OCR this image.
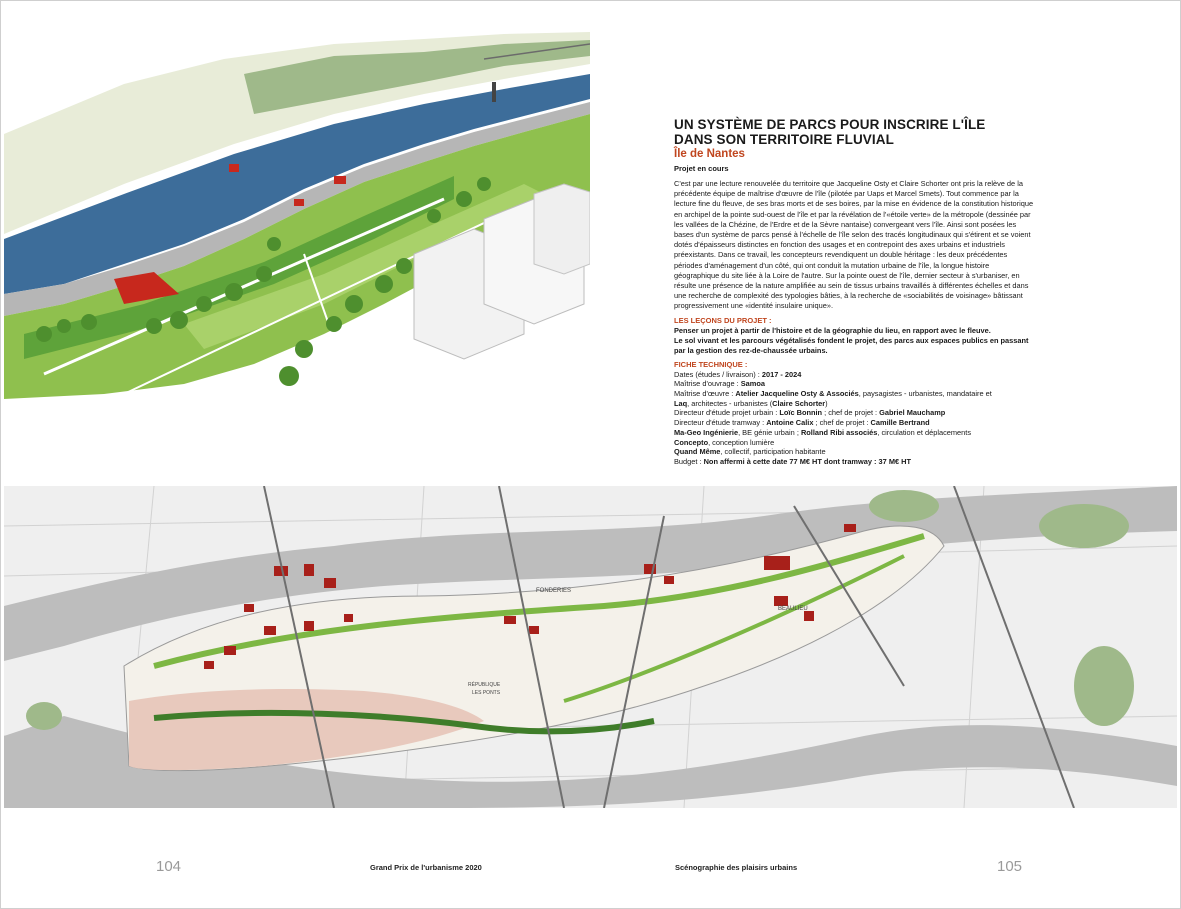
FONDERIES
BEAULIEU
RÉPUBLIQUE
LES PONTS
UN SYSTÈME DE PARCS POUR INSCRIRE L'ÎLE
DANS SON TERRITOIRE FLUVIAL
Île de Nantes
Projet en cours

C'est par une lecture renouvelée du territoire que Jacqueline Osty et Claire Schorter ont pris la relève de la précédente équipe de maîtrise d'œuvre de l'île (pilotée par Uaps et Marcel Smets). Tout commence par la lecture fine du fleuve, de ses bras morts et de ses boires, par la mise en évidence de la constitution historique en archipel de la pointe sud-ouest de l'île et par la révélation de l'«étoile verte» de la métropole (dessinée par les vallées de la Chézine, de l'Erdre et de la Sèvre nantaise) convergeant vers l'île. Ainsi sont posées les bases d'un système de parcs pensé à l'échelle de l'île selon des tracés longitudinaux qui s'étirent et se voient dotés d'épaisseurs distinctes en fonction des usages et en contrepoint des axes urbains et industriels préexistants. Dans ce travail, les concepteurs revendiquent un double héritage : les deux précédentes périodes d'aménagement d'un côté, qui ont conduit la mutation urbaine de l'île, la longue histoire géographique du site liée à la Loire de l'autre. Sur la pointe ouest de l'île, dernier secteur à s'urbaniser, en résulte une présence de la nature amplifiée au sein de tissus urbains travaillés à différentes échelles et dans une recherche de complexité des typologies bâties, à la recherche de «sociabilités de voisinage» bâtissant progressivement une «identité insulaire unique».

LES LEÇONS DU PROJET :

Penser un projet à partir de l'histoire et de la géographie du lieu, en rapport avec le fleuve.

Le sol vivant et les parcours végétalisés fondent le projet, des parcs aux espaces publics en passant par la gestion des rez-de-chaussée urbains.

FICHE TECHNIQUE :

Dates (études / livraison) : 2017 - 2024

Maîtrise d'ouvrage : Samoa

Maîtrise d'œuvre : Atelier Jacqueline Osty & Associés, paysagistes - urbanistes, mandataire et

Laq, architectes - urbanistes (Claire Schorter)

Directeur d'étude projet urbain : Loïc Bonnin ; chef de projet : Gabriel Mauchamp

Directeur d'étude tramway : Antoine Calix ; chef de projet : Camille Bertrand

Ma-Geo Ingénierie, BE génie urbain ; Rolland Ribi associés, circulation et déplacements

Concepto, conception lumière

Quand Même, collectif, participation habitante

Budget : Non affermi à cette date 77 M€ HT dont tramway : 37 M€ HT

104	Grand Prix de l'urbanisme 2020	Scénographie des plaisirs urbains	105
